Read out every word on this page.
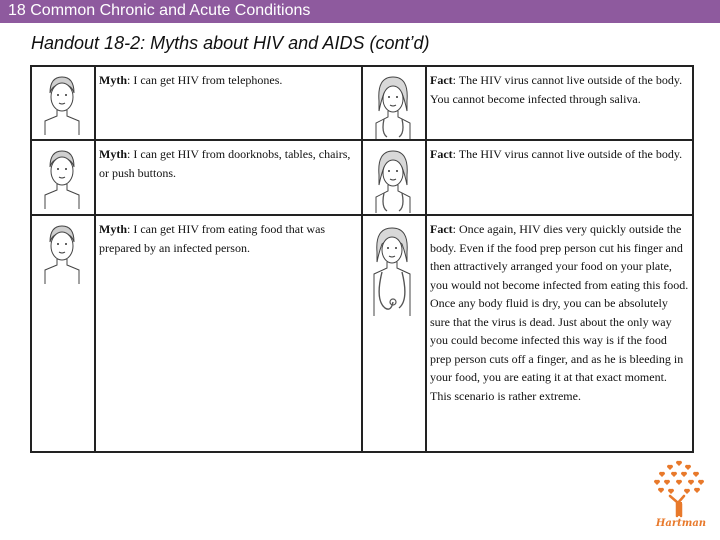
18 Common Chronic and Acute Conditions
Handout 18-2: Myths about HIV and AIDS (cont’d)

Myth: I can get HIV from telephones.		Fact: The HIV virus cannot live outside of the body. You cannot become infected through saliva.

Myth: I can get HIV from doorknobs, tables, chairs, or push buttons.		Fact: The HIV virus cannot live outside of the body.

Myth: I can get HIV from eating food that was prepared by an infected person.		Fact: Once again, HIV dies very quickly outside the body. Even if the food prep person cut his finger and then attractively arranged your food on your plate, you would not become infected from eating this food. Once any body fluid is dry, you can be absolutely sure that the virus is dead. Just about the only way you could become infected this way is if the food prep person cuts off a finger, and as he is bleeding in your food, you are eating it at that exact moment. This scenario is rather extreme.
Hartman
